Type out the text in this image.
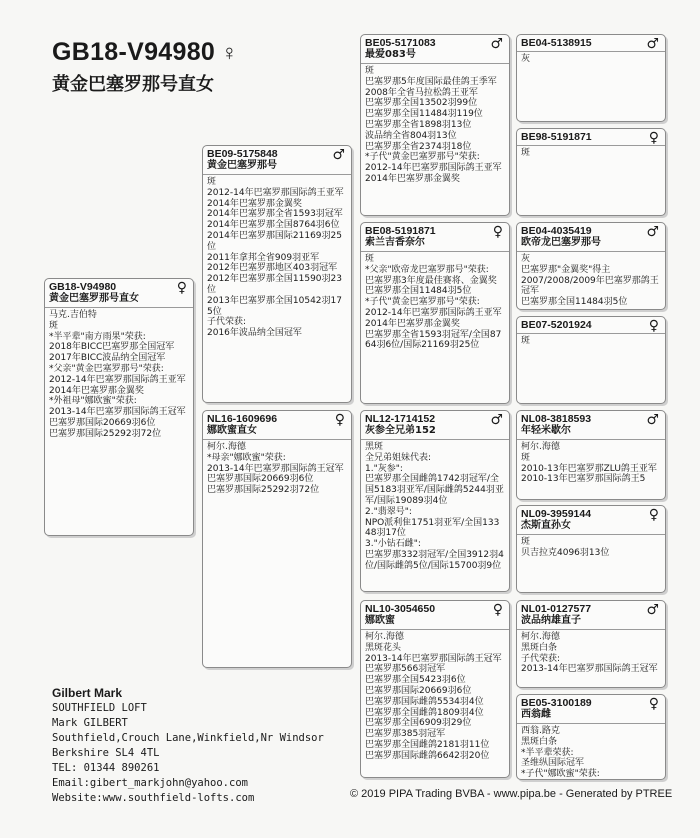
GB18-V94980 ♀
黄金巴塞罗那号直女
GB18-V94980
黄金巴塞罗那号直女
♀
马克.吉伯特
斑
*半平辈"南方雨果"荣获:
2018年BICC巴塞罗那全国冠军
2017年BICC波品纳全国冠军
*父亲"黄金巴塞罗那号"荣获:
2012-14年巴塞罗那国际鸽王亚军
2014年巴塞罗那金翼奖
*外祖母"娜欧蜜"荣获:
2013-14年巴塞罗那国际鸽王冠军
巴塞罗那国际20669羽6位
巴塞罗那国际25292羽72位
BE09-5175848
黄金巴塞罗那号
♂
斑
2012-14年巴塞罗那国际鸽王亚军
2014年巴塞罗那金翼奖
2014年巴塞罗那全省1593羽冠军
2014年巴塞罗那全国8764羽6位
2014年巴塞罗那国际21169羽25位
2011年拿邦全省909羽亚军
2012年巴塞罗那地区403羽冠军
2012年巴塞罗那全国11590羽23位
2013年巴塞罗那全国10542羽175位
子代荣获:
2016年波品纳全国冠军
NL16-1609696
娜欧蜜直女
♀
柯尔.海德
*母亲"娜欧蜜"荣获:
2013-14年巴塞罗那国际鸽王冠军
巴塞罗那国际20669羽6位
巴塞罗那国际25292羽72位
BE05-5171083
最爱083号
♂
斑
巴塞罗那5年度国际最佳鸽王季军
2008年全省马拉松鸽王亚军
巴塞罗那全国13502羽99位
巴塞罗那全国11484羽119位
巴塞罗那全省1898羽13位
波品纳全省804羽13位
巴塞罗那全省2374羽18位
*子代"黄金巴塞罗那号"荣获:
2012-14年巴塞罗那国际鸽王亚军
2014年巴塞罗那金翼奖
BE08-5191871
索兰吉香奈尔
♀
斑
*父亲"欧帝龙巴塞罗那号"荣获:
巴塞罗那3年度最佳赛将、金翼奖
巴塞罗那全国11484羽5位
*子代"黄金巴塞罗那号"荣获:
2012-14年巴塞罗那国际鸽王亚军
2014年巴塞罗那金翼奖
巴塞罗那全省1593羽冠军/全国8764羽6位/国际21169羽25位
NL12-1714152
灰参全兄弟152
♂
黑斑
全兄弟姐妹代表:
1."灰参":
巴塞罗那全国雌鸽1742羽冠军/全国5183羽亚军/国际雌鸽5244羽亚军/国际19089羽4位
2."翡翠号":
NPO派利隹1751羽亚军/全国13348羽17位
3."小钻石雌":
巴塞罗那332羽冠军/全国3912羽4位/国际雌鸽5位/国际15700羽9位
NL10-3054650
娜欧蜜
♀
柯尔.海德
黑斑花头
2013-14年巴塞罗那国际鸽王冠军
巴塞罗那566羽冠军
巴塞罗那全国5423羽6位
巴塞罗那国际20669羽6位
巴塞罗那国际雌鸽5534羽4位
巴塞罗那全国雌鸽1809羽4位
巴塞罗那全国6909羽29位
巴塞罗那385羽冠军
巴塞罗那全国雌鸽2181羽11位
巴塞罗那国际雌鸽6642羽20位
BE04-5138915	♂
灰
BE98-5191871	♀
斑
BE04-4035419
欧帝龙巴塞罗那号
♂
灰
巴塞罗那"金翼奖"得主
2007/2008/2009年巴塞罗那鸽王冠军
巴塞罗那全国11484羽5位
BE07-5201924	♀
斑
NL08-3818593
年轻米歇尔
♂
柯尔.海德
斑
2010-13年巴塞罗那ZLU鸽王亚军
2010-13年巴塞罗那国际鸽王5
NL09-3959144
杰斯直孙女
♀
斑
贝吉拉克4096羽13位
NL01-0127577
波品纳雄直子
♂
柯尔.海德
黑斑白条
子代荣获:
2013-14年巴塞罗那国际鸽王冠军
BE05-3100189
西翁雌
♀
西翁.路克
黑斑白条
*半平辈荣获:
圣维纵国际冠军
*子代"娜欧蜜"荣获:
Gilbert Mark
SOUTHFIELD LOFT
Mark GILBERT
Southfield,Crouch Lane,Winkfield,Nr Windsor
Berkshire SL4 4TL
TEL: 01344 890261
Email:gibert_markjohn@yahoo.com
Website:www.southfield-lofts.com	© 2019 PIPA Trading BVBA - www.pipa.be - Generated by PTREE
